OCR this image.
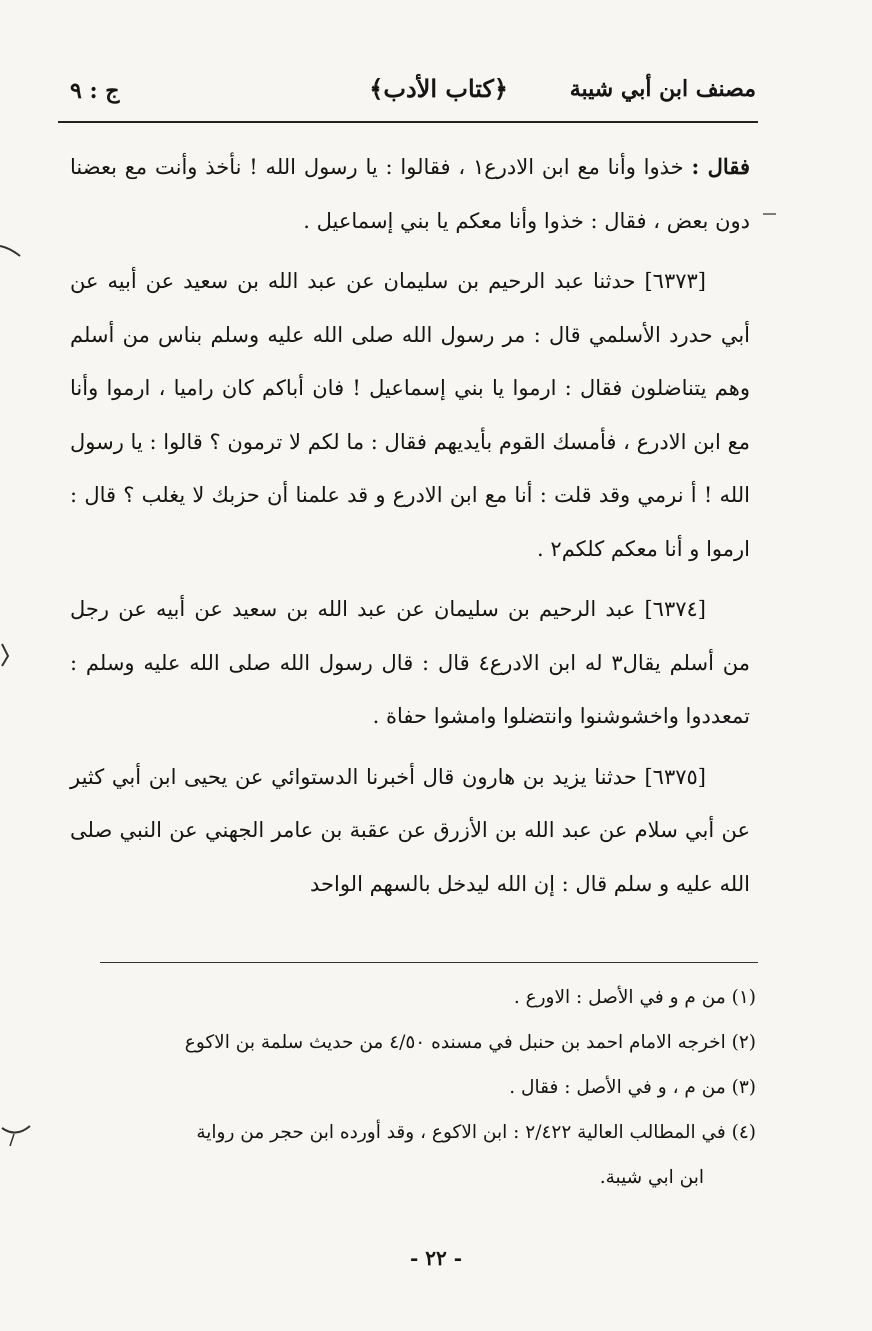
مصنف ابن أبي شيبة
﴿كتاب الأدب﴾
ج : ٩

فقال : خذوا وأنا مع ابن الادرع١ ، فقالوا : يا رسول الله ! نأخذ وأنت مع بعضنا دون بعض ، فقال : خذوا وأنا معكم يا بني إسماعيل .

[٦٣٧٣] حدثنا عبد الرحيم بن سليمان عن عبد الله بن سعيد عن أبيه عن أبي حدرد الأسلمي قال : مر رسول الله صلى الله عليه وسلم بناس من أسلم وهم يتناضلون فقال : ارموا يا بني إسماعيل ! فان أباكم كان راميا ، ارموا وأنا مع ابن الادرع ، فأمسك القوم بأيديهم فقال : ما لكم لا ترمون ؟ قالوا : يا رسول الله ! أ نرمي وقد قلت : أنا مع ابن الادرع و قد علمنا أن حزبك لا يغلب ؟ قال : ارموا و أنا معكم كلكم٢ .

[٦٣٧٤] عبد الرحيم بن سليمان عن عبد الله بن سعيد عن أبيه عن رجل من أسلم يقال٣ له ابن الادرع٤ قال : قال رسول الله صلى الله عليه وسلم : تمعددوا واخشوشنوا وانتضلوا وامشوا حفاة .

[٦٣٧٥] حدثنا يزيد بن هارون قال أخبرنا الدستوائي عن يحيى ابن أبي كثير عن أبي سلام عن عبد الله بن الأزرق عن عقبة بن عامر الجهني عن النبي صلى الله عليه و سلم قال : إن الله ليدخل بالسهم الواحد

(١) من م و في الأصل : الاورع .

(٢) اخرجه الامام احمد بن حنبل في مسنده ٤/٥٠ من حديث سلمة بن الاكوع

(٣) من م ، و في الأصل : فقال .

(٤) في المطالب العالية ٢/٤٢٢ : ابن الاكوع ، وقد أورده ابن حجر من رواية

ابن ابي شيبة.

- ٢٢ -
